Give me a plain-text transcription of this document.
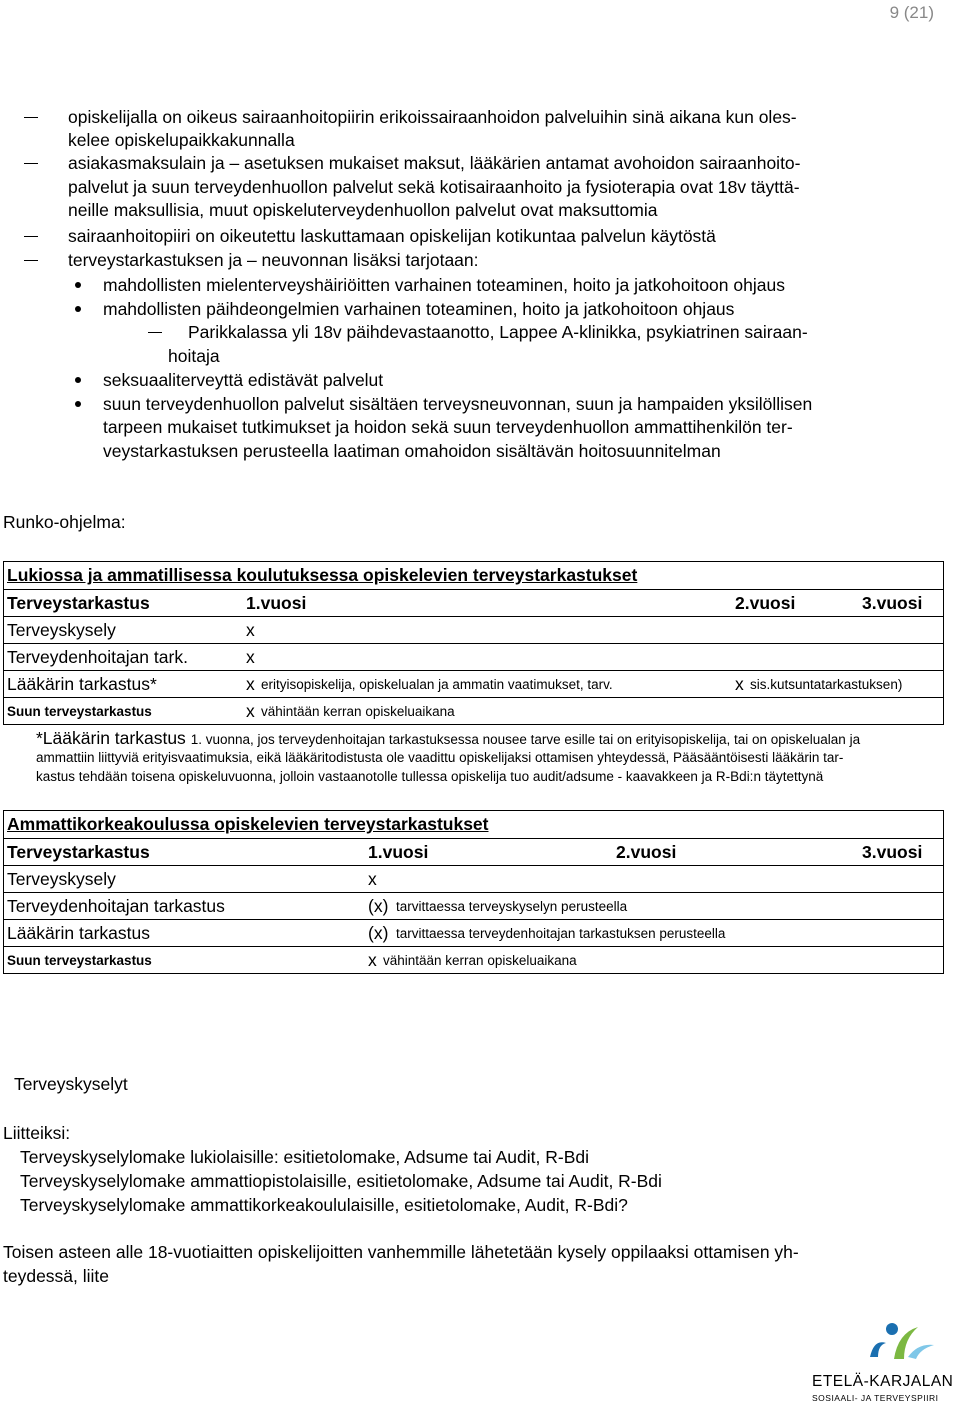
9 (21)
opiskelijalla on oikeus sairaanhoitopiirin erikoissairaanhoidon palveluihin sinä aikana kun oles-
kelee opiskelupaikkakunnalla
asiakasmaksulain ja – asetuksen mukaiset maksut, lääkärien antamat avohoidon sairaanhoito-
palvelut ja suun terveydenhuollon palvelut sekä kotisairaanhoito ja fysioterapia ovat 18v täyttä-
neille maksullisia, muut opiskeluterveydenhuollon palvelut ovat maksuttomia
sairaanhoitopiiri on oikeutettu laskuttamaan opiskelijan kotikuntaa palvelun käytöstä
terveystarkastuksen ja – neuvonnan lisäksi tarjotaan:
mahdollisten mielenterveyshäiriöitten varhainen toteaminen, hoito ja jatkohoitoon ohjaus
mahdollisten päihdeongelmien varhainen toteaminen, hoito ja jatkohoitoon ohjaus
Parikkalassa yli 18v päihdevastaanotto, Lappee A-klinikka, psykiatrinen sairaan-
hoitaja
seksuaaliterveyttä edistävät palvelut
suun terveydenhuollon palvelut sisältäen terveysneuvonnan, suun ja hampaiden yksilöllisen
tarpeen mukaiset tutkimukset ja hoidon sekä suun terveydenhuollon ammattihenkilön ter-
veystarkastuksen perusteella laatiman omahoidon sisältävän hoitosuunnitelman
Runko-ohjelma:
Lukiossa ja ammatillisessa koulutuksessa opiskelevien terveystarkastukset
Terveystarkastus	1.vuosi	2.vuosi	3.vuosi
Terveyskysely	x
Terveydenhoitajan tark.	x
Lääkärin tarkastus*	x erityisopiskelija, opiskelualan ja ammatin vaatimukset, tarv.	x sis.kutsuntatarkastuksen)
Suun terveystarkastus	x vähintään kerran opiskeluaikana
*Lääkärin tarkastus 1. vuonna, jos terveydenhoitajan tarkastuksessa nousee tarve esille tai on erityisopiskelija, tai on opiskelualan ja
ammattiin liittyviä erityisvaatimuksia, eikä lääkäritodistusta ole vaadittu opiskelijaksi ottamisen yhteydessä, Pääsääntöisesti lääkärin tar-
kastus tehdään toisena opiskeluvuonna, jolloin vastaanotolle tullessa opiskelija tuo audit/adsume - kaavakkeen ja R-Bdi:n täytettynä
Ammattikorkeakoulussa opiskelevien terveystarkastukset
Terveystarkastus	1.vuosi	2.vuosi	3.vuosi
Terveyskysely	x
Terveydenhoitajan tarkastus	(x) tarvittaessa terveyskyselyn perusteella
Lääkärin tarkastus	(x) tarvittaessa terveydenhoitajan tarkastuksen perusteella
Suun terveystarkastus	x vähintään kerran opiskeluaikana
Terveyskyselyt
Liitteiksi:
Terveyskyselylomake lukiolaisille: esitietolomake, Adsume tai Audit, R-Bdi
Terveyskyselylomake ammattiopistolaisille, esitietolomake, Adsume tai Audit, R-Bdi
Terveyskyselylomake ammattikorkeakoululaisille, esitietolomake, Audit, R-Bdi?
Toisen asteen alle 18-vuotiaitten opiskelijoitten vanhemmille lähetetään kysely oppilaaksi ottamisen yh-
teydessä, liite
ETELÄ-KARJALAN
SOSIAALI- JA TERVEYSPIIRI
